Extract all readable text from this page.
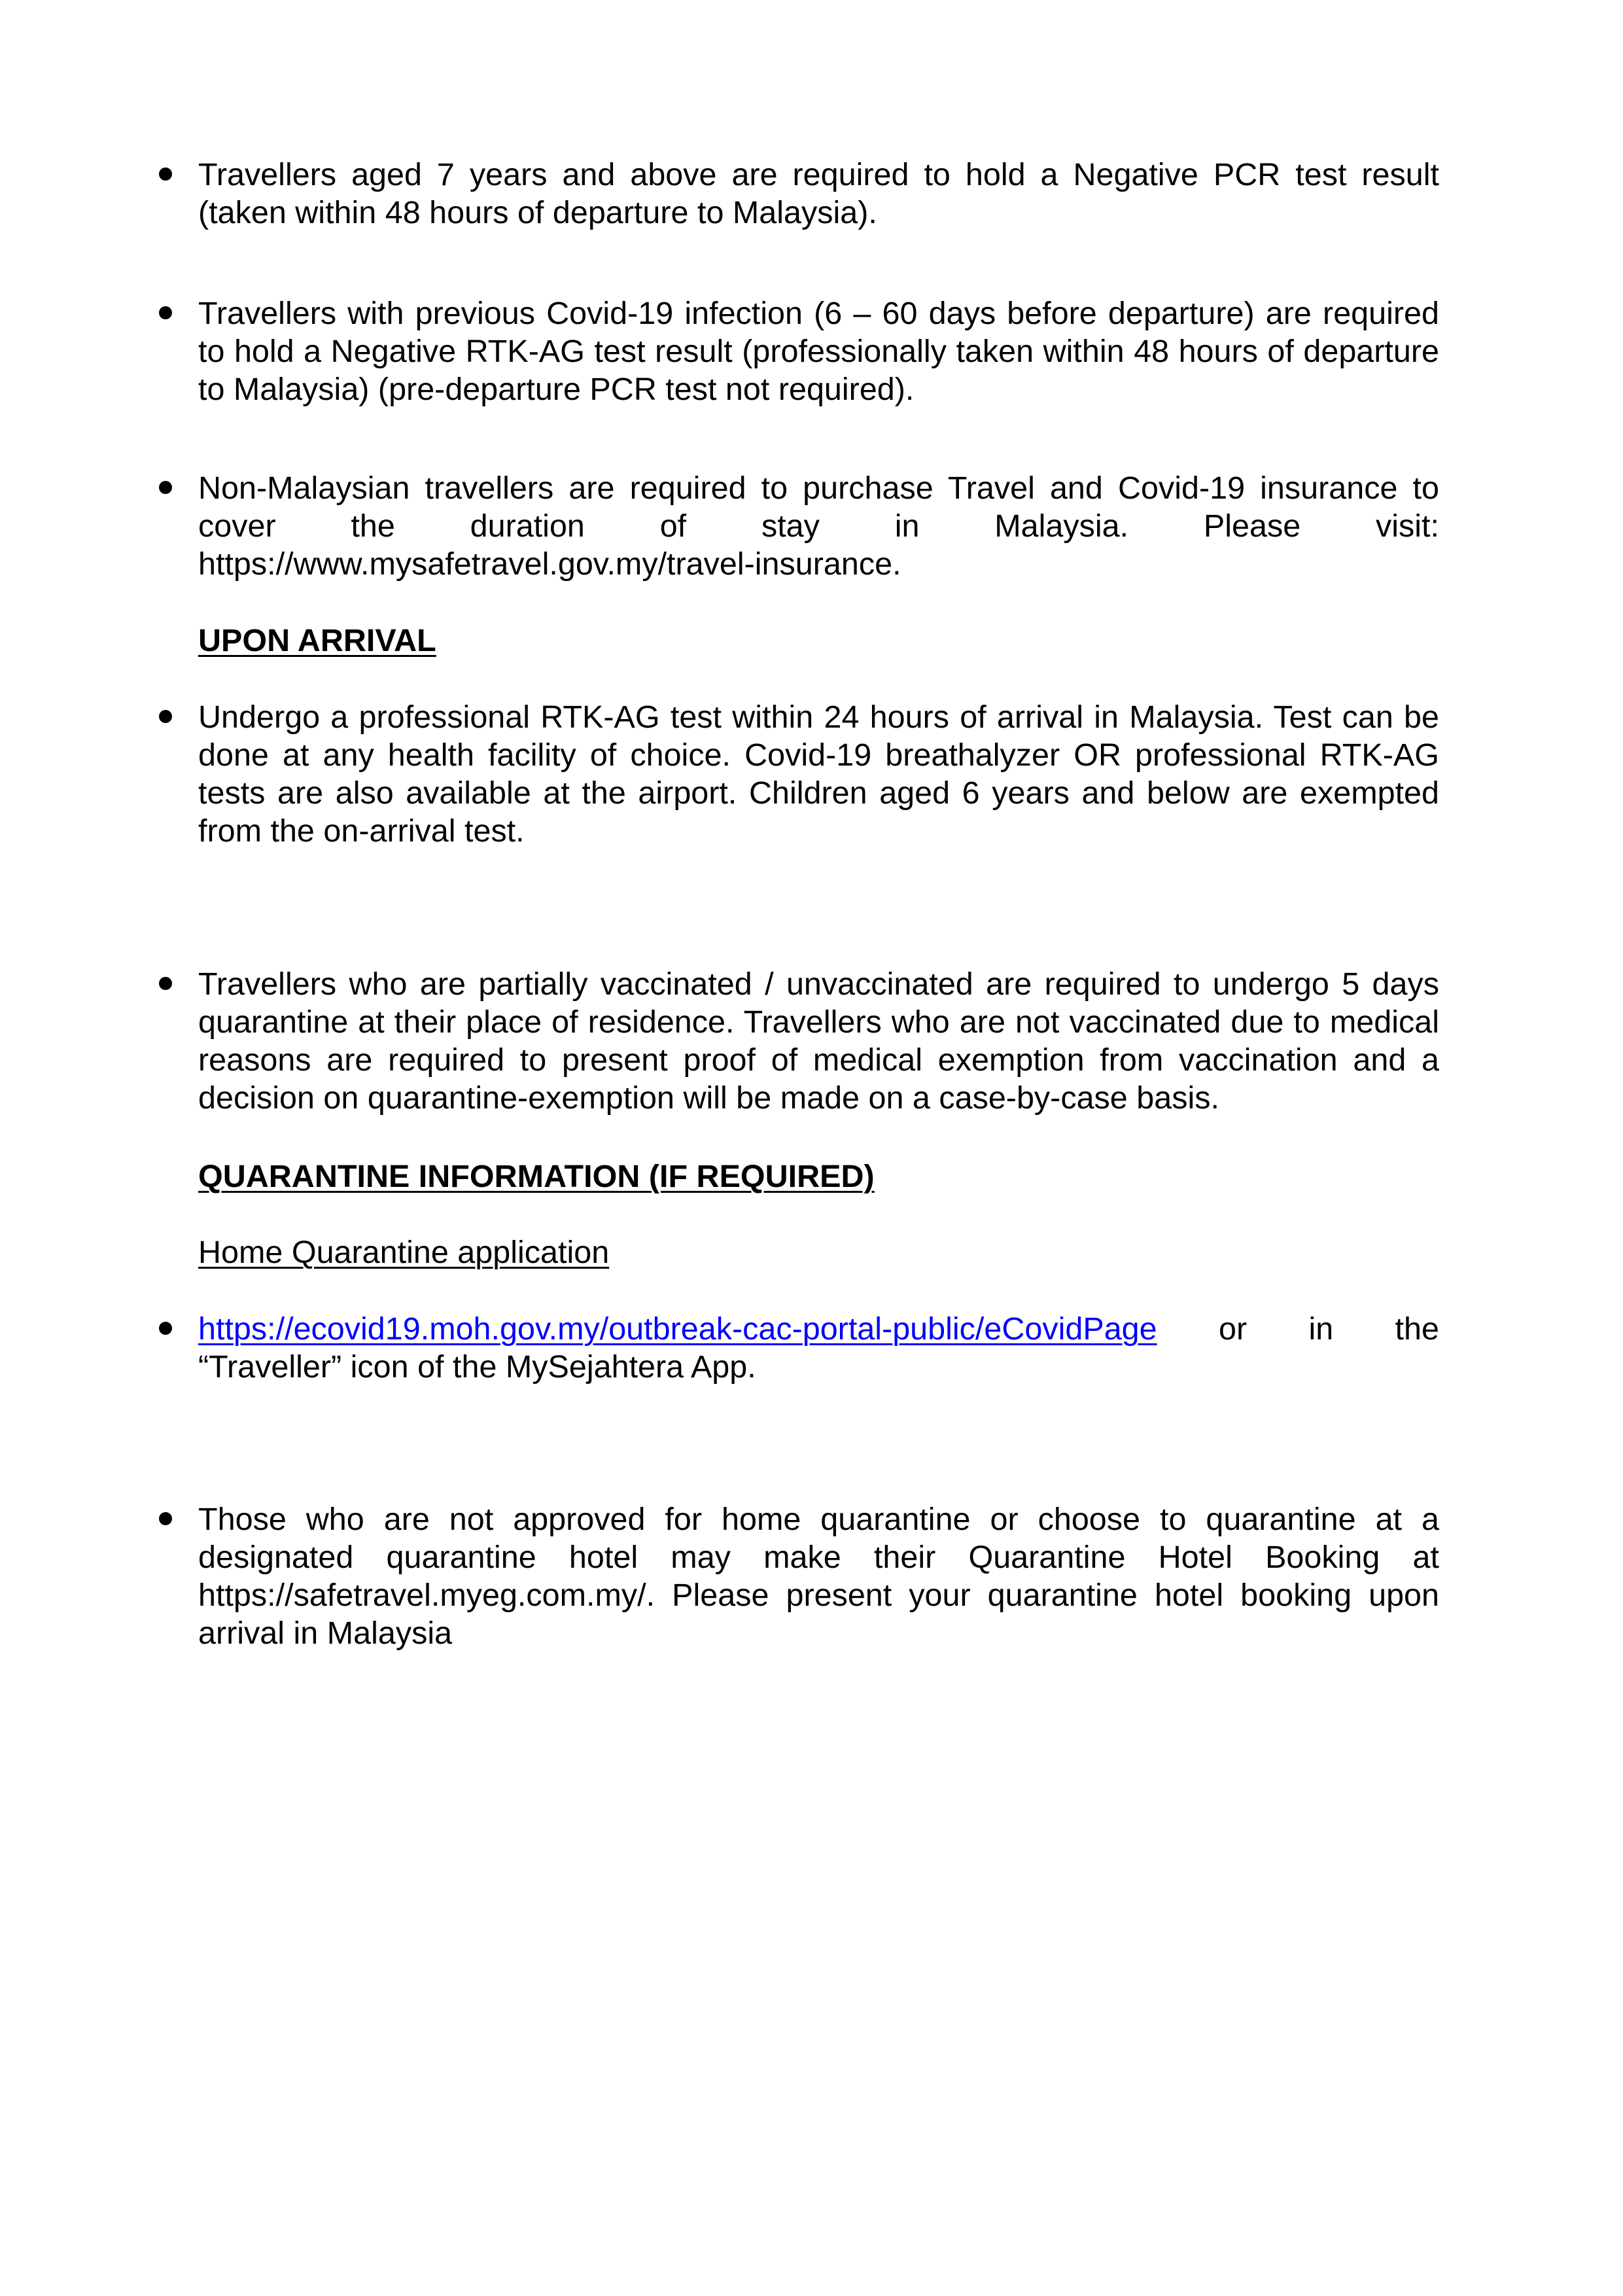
Travellers aged 7 years and above are required to hold a Negative PCR test result (taken within 48 hours of departure to Malaysia).
Travellers with previous Covid-19 infection (6 – 60 days before departure) are required to hold a Negative RTK-AG test result (professionally taken within 48 hours of departure to Malaysia) (pre-departure PCR test not required).
Non-Malaysian travellers are required to purchase Travel and Covid-19 insurance to cover the duration of stay in Malaysia. Please visit:
https://www.mysafetravel.gov.my/travel-insurance.
UPON ARRIVAL
Undergo a professional RTK-AG test within 24 hours of arrival in Malaysia. Test can be done at any health facility of choice. Covid-19 breathalyzer OR professional RTK-AG tests are also available at the airport. Children aged 6 years and below are exempted from the on-arrival test.
Travellers who are partially vaccinated / unvaccinated are required to undergo 5 days quarantine at their place of residence. Travellers who are not vaccinated due to medical reasons are required to present proof of medical exemption from vaccination and a decision on quarantine-exemption will be made on a case-by-case basis.
QUARANTINE INFORMATION (IF REQUIRED)
Home Quarantine application
https://ecovid19.moh.gov.my/outbreak-cac-portal-public/eCovidPage or in the
“Traveller” icon of the MySejahtera App.
Those who are not approved for home quarantine or choose to quarantine at a designated quarantine hotel may make their Quarantine Hotel Booking at https://safetravel.myeg.com.my/. Please present your quarantine hotel booking upon arrival in Malaysia
